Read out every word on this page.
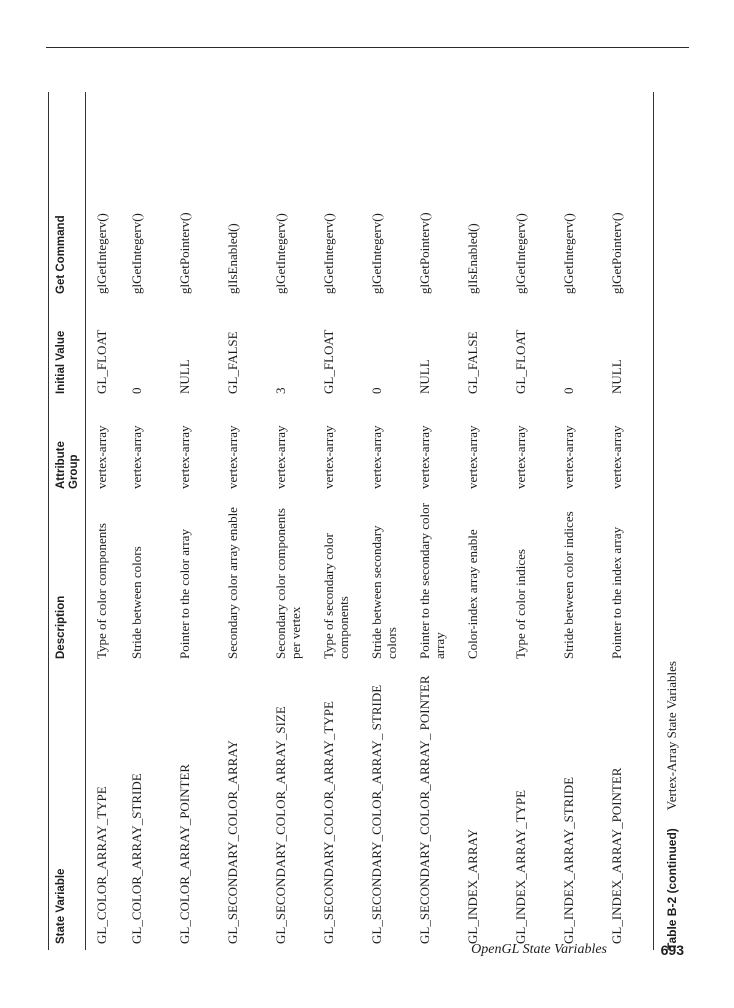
State Variable	Description	Attribute Group	Initial Value	Get Command
GL_COLOR_ARRAY_TYPE	Type of color components	vertex-array	GL_FLOAT	glGetIntegerv()
GL_COLOR_ARRAY_STRIDE	Stride between colors	vertex-array	0	glGetIntegerv()
GL_COLOR_ARRAY_POINTER	Pointer to the color array	vertex-array	NULL	glGetPointerv()
GL_SECONDARY_COLOR_ARRAY	Secondary color array enable	vertex-array	GL_FALSE	glIsEnabled()
GL_SECONDARY_COLOR_ARRAY_SIZE	Secondary color components per vertex	vertex-array	3	glGetIntegerv()
GL_SECONDARY_COLOR_ARRAY_TYPE	Type of secondary color components	vertex-array	GL_FLOAT	glGetIntegerv()
GL_SECONDARY_COLOR_ARRAY_ STRIDE	Stride between secondary colors	vertex-array	0	glGetIntegerv()
GL_SECONDARY_COLOR_ARRAY_ POINTER	Pointer to the secondary color array	vertex-array	NULL	glGetPointerv()
GL_INDEX_ARRAY	Color-index array enable	vertex-array	GL_FALSE	glIsEnabled()
GL_INDEX_ARRAY_TYPE	Type of color indices	vertex-array	GL_FLOAT	glGetIntegerv()
GL_INDEX_ARRAY_STRIDE	Stride between color indices	vertex-array	0	glGetIntegerv()
GL_INDEX_ARRAY_POINTER	Pointer to the index array	vertex-array	NULL	glGetPointerv()
Table B-2 (continued)Vertex-Array State Variables
OpenGL State Variables	693
